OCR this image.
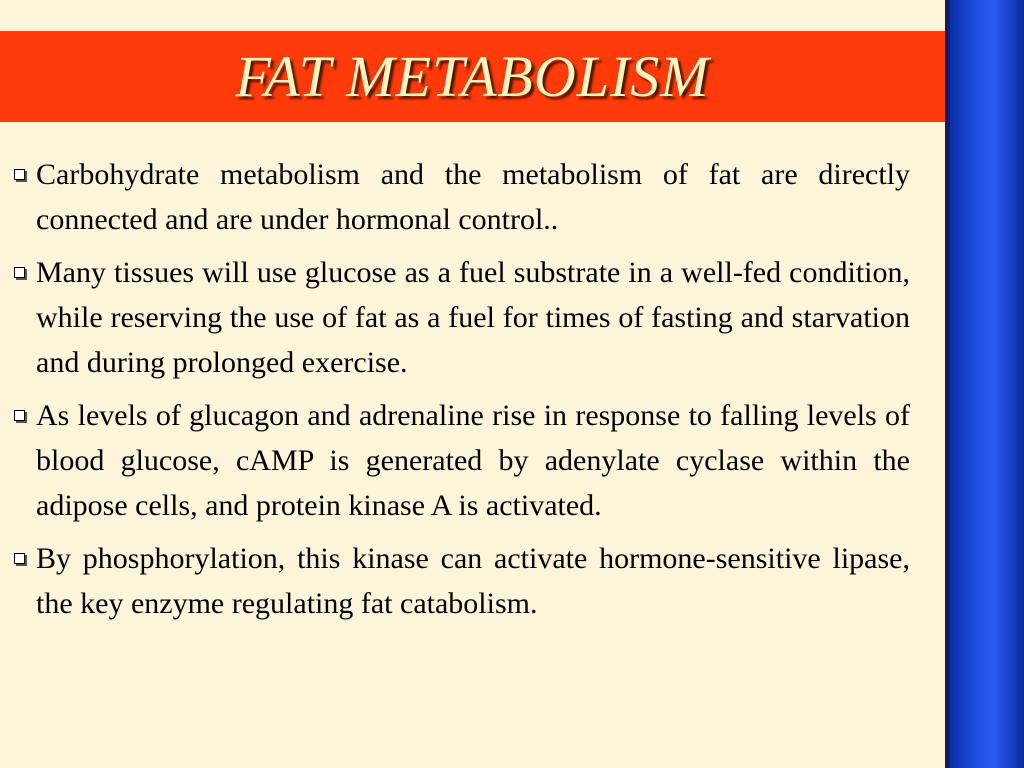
FAT METABOLISM
Carbohydrate metabolism and the metabolism of fat are directly connected and are under hormonal control..
Many tissues will use glucose as a fuel substrate in a well-fed condition, while reserving the use of fat as a fuel for times of fasting and starvation and during prolonged exercise.
As levels of glucagon and adrenaline rise in response to falling levels of blood glucose, cAMP is generated by adenylate cyclase within the adipose cells, and protein kinase A is activated.
By phosphorylation, this kinase can activate hormone-sensitive lipase, the key enzyme regulating fat catabolism.
